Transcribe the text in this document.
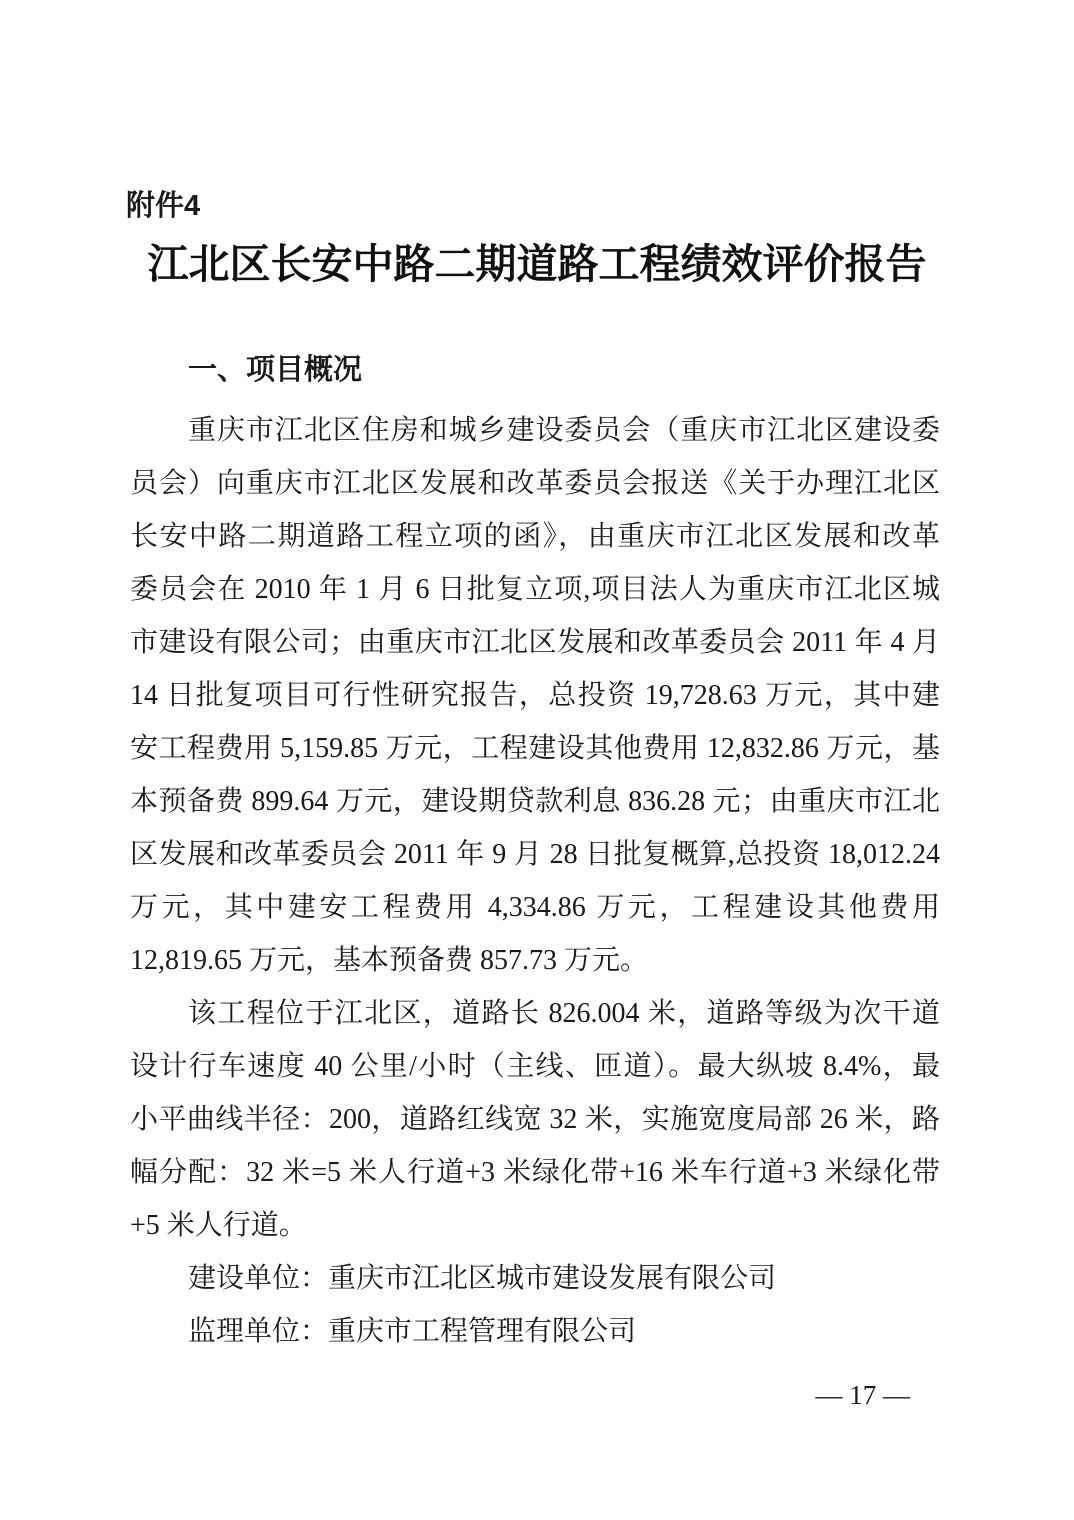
附件4
江北区长安中路二期道路工程绩效评价报告
一、项目概况
重庆市江北区住房和城乡建设委员会（重庆市江北区建设委
员会）向重庆市江北区发展和改革委员会报送《关于办理江北区
长安中路二期道路工程立项的函》，由重庆市江北区发展和改革
委员会在 2010 年 1 月 6 日批复立项,项目法人为重庆市江北区城
市建设有限公司；由重庆市江北区发展和改革委员会 2011 年 4 月
14 日批复项目可行性研究报告，总投资 19,728.63 万元，其中建
安工程费用 5,159.85 万元，工程建设其他费用 12,832.86 万元，基
本预备费 899.64 万元，建设期贷款利息 836.28 元；由重庆市江北
区发展和改革委员会 2011 年 9 月 28 日批复概算,总投资 18,012.24
万元，其中建安工程费用 4,334.86 万元，工程建设其他费用
12,819.65 万元，基本预备费 857.73 万元。
该工程位于江北区，道路长 826.004 米，道路等级为次干道
设计行车速度 40 公里/小时（主线、匝道）。最大纵坡 8.4%，最
小平曲线半径：200，道路红线宽 32 米，实施宽度局部 26 米，路
幅分配：32 米=5 米人行道+3 米绿化带+16 米车行道+3 米绿化带
+5 米人行道。
建设单位：重庆市江北区城市建设发展有限公司
监理单位：重庆市工程管理有限公司
— 17 —
